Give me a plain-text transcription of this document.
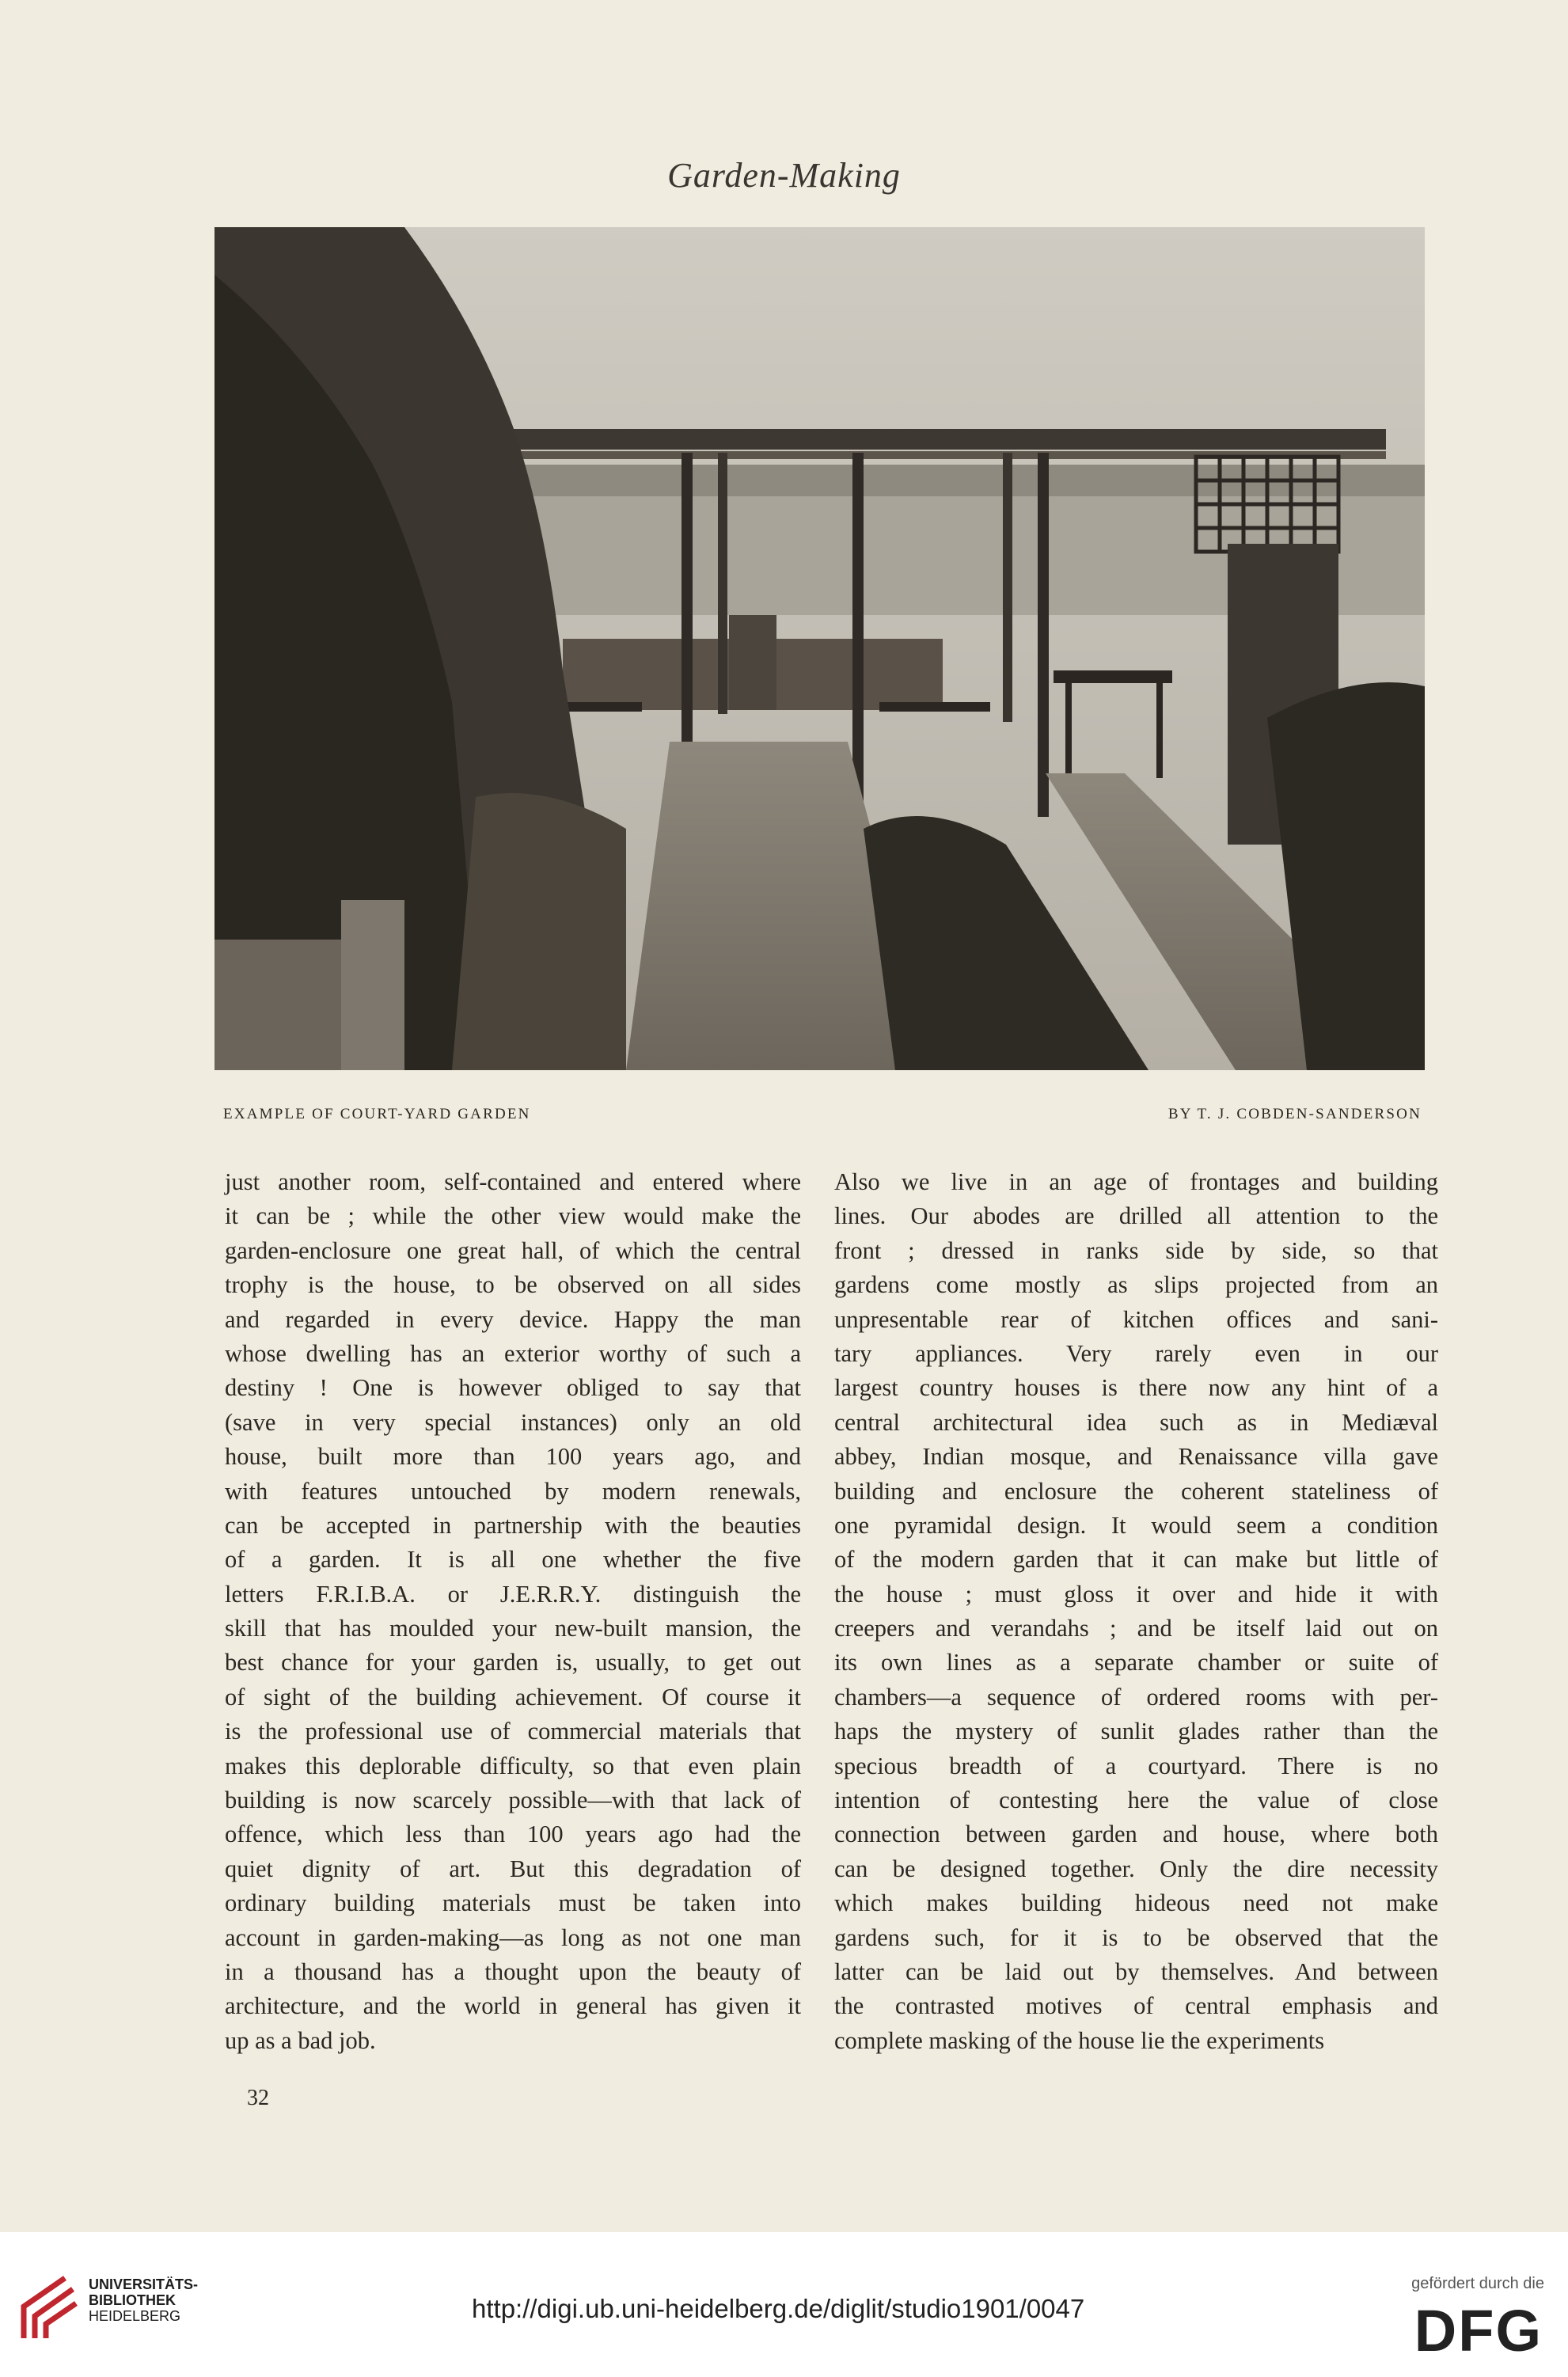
Garden-Making
EXAMPLE OF COURT-YARD GARDEN	BY T. J. COBDEN-SANDERSON
just another room, self-contained and entered where
it can be ; while the other view would make the
garden-enclosure one great hall, of which the central
trophy is the house, to be observed on all sides
and regarded in every device. Happy the man
whose dwelling has an exterior worthy of such a
destiny ! One is however obliged to say that
(save in very special instances) only an old
house, built more than 100 years ago, and
with features untouched by modern renewals,
can be accepted in partnership with the beauties
of a garden. It is all one whether the five
letters F.R.I.B.A. or J.E.R.R.Y. distinguish the
skill that has moulded your new-built mansion, the
best chance for your garden is, usually, to get out
of sight of the building achievement. Of course it
is the professional use of commercial materials that
makes this deplorable difficulty, so that even plain
building is now scarcely possible—with that lack of
offence, which less than 100 years ago had the
quiet dignity of art. But this degradation of
ordinary building materials must be taken into
account in garden-making—as long as not one man
in a thousand has a thought upon the beauty of
architecture, and the world in general has given it
up as a bad job.
Also we live in an age of frontages and building
lines. Our abodes are drilled all attention to the
front ; dressed in ranks side by side, so that
gardens come mostly as slips projected from an
unpresentable rear of kitchen offices and sani-
tary appliances. Very rarely even in our
largest country houses is there now any hint of a
central architectural idea such as in Mediæval
abbey, Indian mosque, and Renaissance villa gave
building and enclosure the coherent stateliness of
one pyramidal design. It would seem a condition
of the modern garden that it can make but little of
the house ; must gloss it over and hide it with
creepers and verandahs ; and be itself laid out on
its own lines as a separate chamber or suite of
chambers—a sequence of ordered rooms with per-
haps the mystery of sunlit glades rather than the
specious breadth of a courtyard. There is no
intention of contesting here the value of close
connection between garden and house, where both
can be designed together. Only the dire necessity
which makes building hideous need not make
gardens such, for it is to be observed that the
latter can be laid out by themselves. And between
the contrasted motives of central emphasis and
complete masking of the house lie the experiments
32
UNIVERSITÄTS-
BIBLIOTHEK
HEIDELBERG	http://digi.ub.uni-heidelberg.de/diglit/studio1901/0047
gefördert durch die
DFG
